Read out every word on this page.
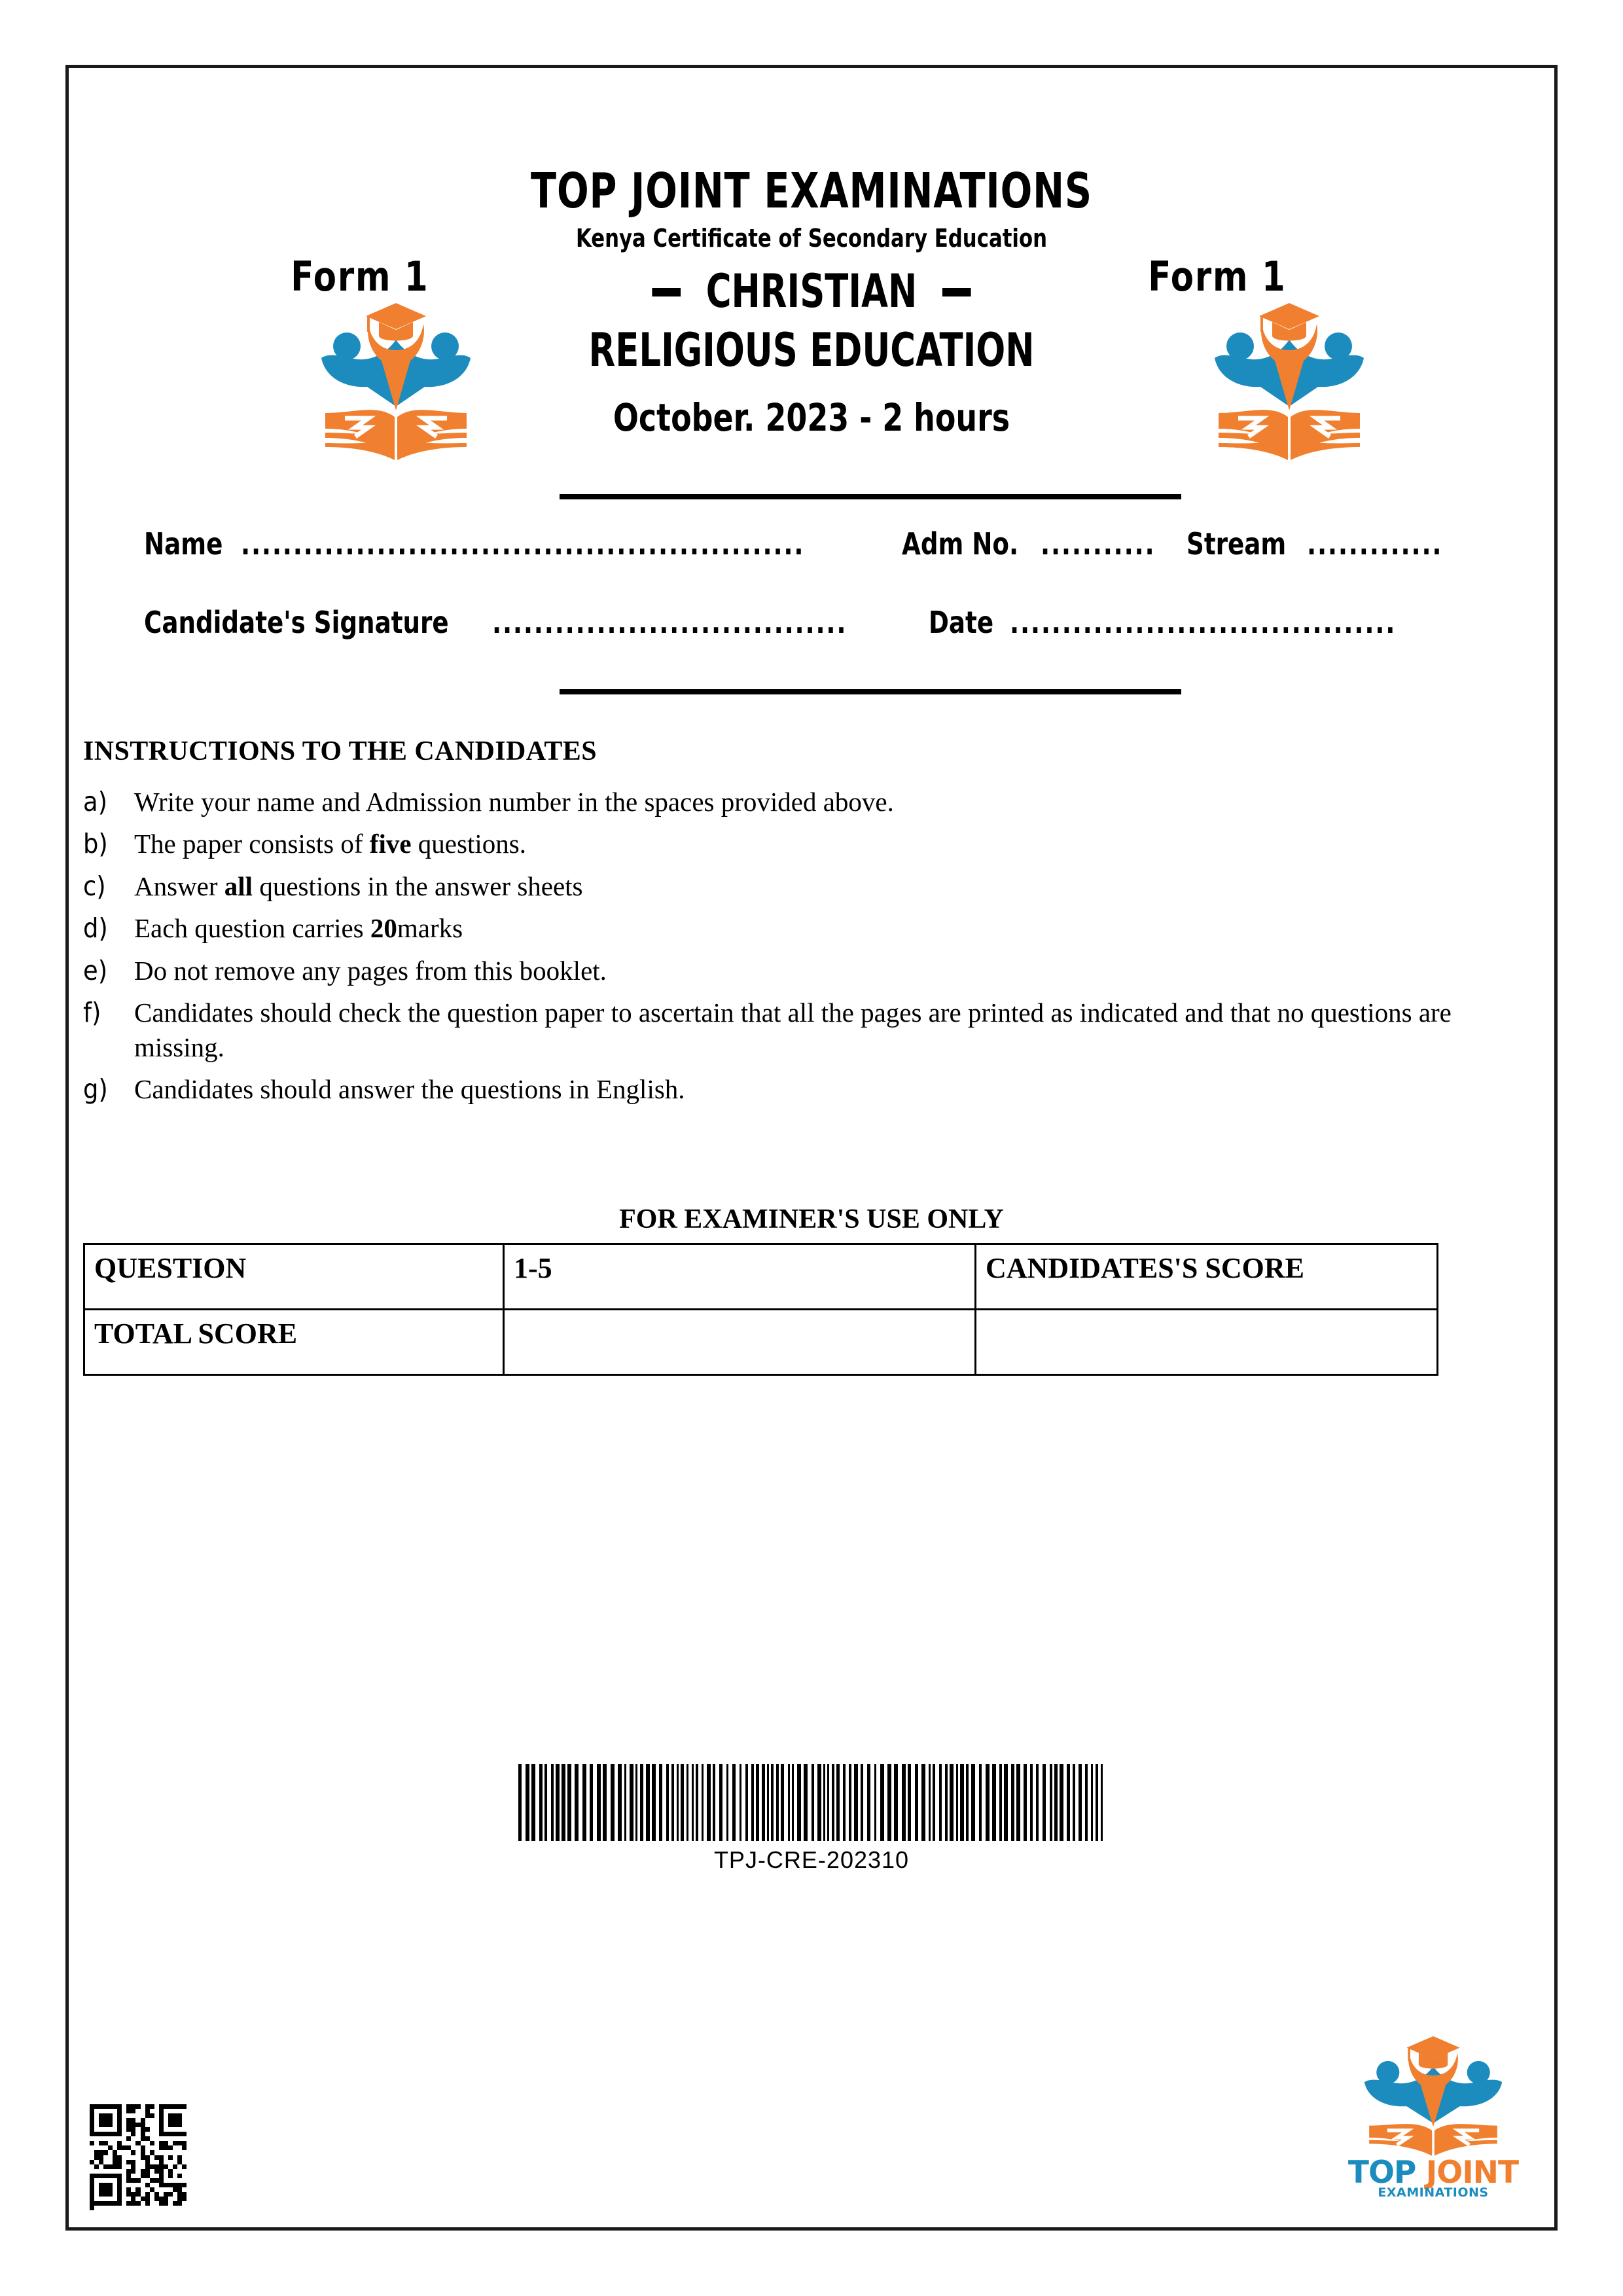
TOP JOINT EXAMINATIONS
Kenya Certificate of Secondary Education
Form 1	Form 1
CHRISTIAN
RELIGIOUS EDUCATION
October. 2023 - 2 hours
Name ......................................................	Adm No. ........... Stream .............
Candidate's Signature ..................................	Date .....................................
INSTRUCTIONS TO THE CANDIDATES
a)	Write your name and Admission number in the spaces provided above.
b) The paper consists of five questions.
c)	Answer all questions in the answer sheets
d) Each question carries 20marks
e) Do not remove any pages from this booklet.
f)	Candidates should check the question paper to ascertain that all the pages are printed as indicated and that no questions are missing.
g) Candidates should answer the questions in English.
FOR EXAMINER'S USE ONLY
QUESTION	1-5	CANDIDATES'S SCORE
TOTAL SCORE		
TPJ-CRE-202310
TOP JOINT
EXAMINATIONS
